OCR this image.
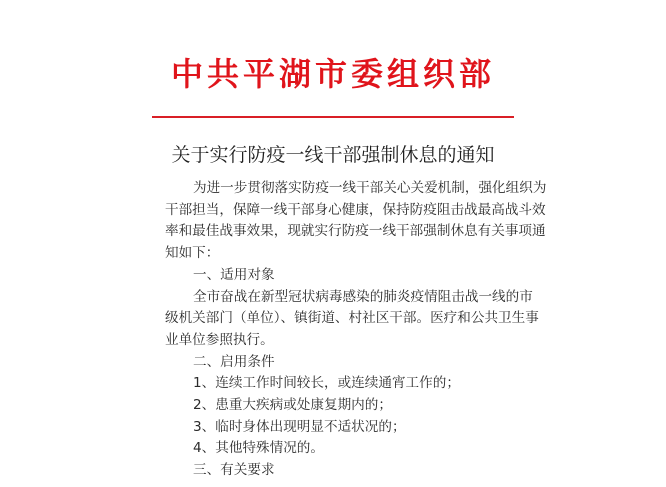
中共平湖市委组织部
关于实行防疫一线干部强制休息的通知
为进一步贯彻落实防疫一线干部关心关爱机制，强化组织为
干部担当，保障一线干部身心健康，保持防疫阻击战最高战斗效
率和最佳战事效果，现就实行防疫一线干部强制休息有关事项通
知如下：
一、适用对象
全市奋战在新型冠状病毒感染的肺炎疫情阻击战一线的市
级机关部门（单位）、镇街道、村社区干部。医疗和公共卫生事
业单位参照执行。
二、启用条件
1、连续工作时间较长，或连续通宵工作的；
2、患重大疾病或处康复期内的；
3、临时身体出现明显不适状况的；
4、其他特殊情况的。
三、有关要求
